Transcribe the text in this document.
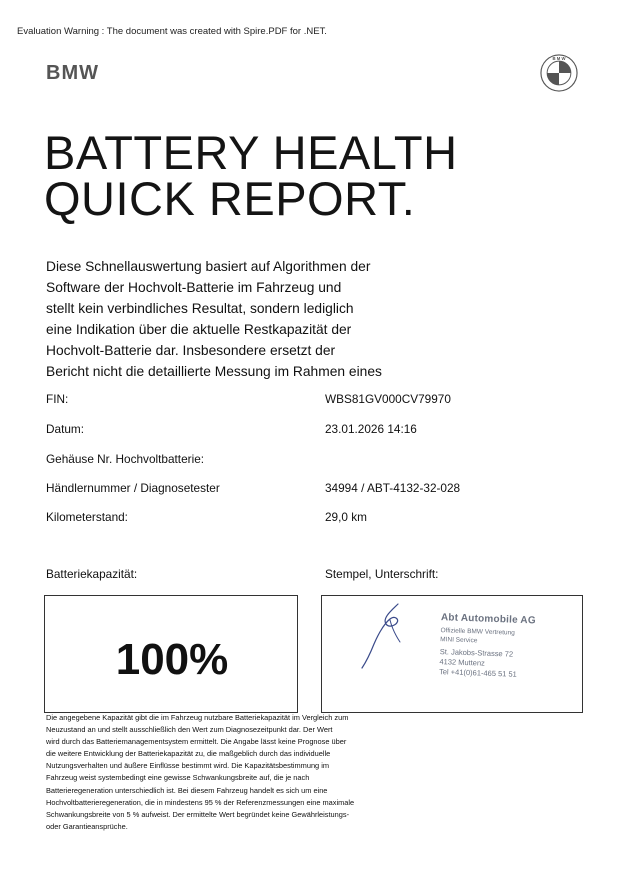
Evaluation Warning : The document was created with Spire.PDF for .NET.
BMW
B M W
BATTERY HEALTH
QUICK REPORT.
Diese Schnellauswertung basiert auf Algorithmen der
Software der Hochvolt-Batterie im Fahrzeug und
stellt kein verbindliches Resultat, sondern lediglich
eine Indikation über die aktuelle Restkapazität der
Hochvolt-Batterie dar. Insbesondere ersetzt der
Bericht nicht die detaillierte Messung im Rahmen eines
FIN:	WBS81GV000CV79970
Datum:	23.01.2026 14:16
Gehäuse Nr. Hochvoltbatterie:
Händlernummer / Diagnosetester	34994 / ABT-4132-32-028
Kilometerstand:	29,0 km
Batteriekapazität:	Stempel, Unterschrift:
100%
Abt Automobile AG
Offizielle BMW Vertretung
MINI Service
St. Jakobs-Strasse 72
4132 Muttenz
Tel +41(0)61-465 51 51
Die angegebene Kapazität gibt die im Fahrzeug nutzbare Batteriekapazität im Vergleich zum
Neuzustand an und stellt ausschließlich den Wert zum Diagnosezeitpunkt dar. Der Wert
wird durch das Batteriemanagementsystem ermittelt. Die Angabe lässt keine Prognose über
die weitere Entwicklung der Batteriekapazität zu, die maßgeblich durch das individuelle
Nutzungsverhalten und äußere Einflüsse bestimmt wird. Die Kapazitätsbestimmung im
Fahrzeug weist systembedingt eine gewisse Schwankungsbreite auf, die je nach
Batterieregeneration unterschiedlich ist. Bei diesem Fahrzeug handelt es sich um eine
Hochvoltbatterieregeneration, die in mindestens 95 % der Referenzmessungen eine maximale
Schwankungsbreite von 5 % aufweist. Der ermittelte Wert begründet keine Gewährleistungs-
oder Garantieansprüche.
